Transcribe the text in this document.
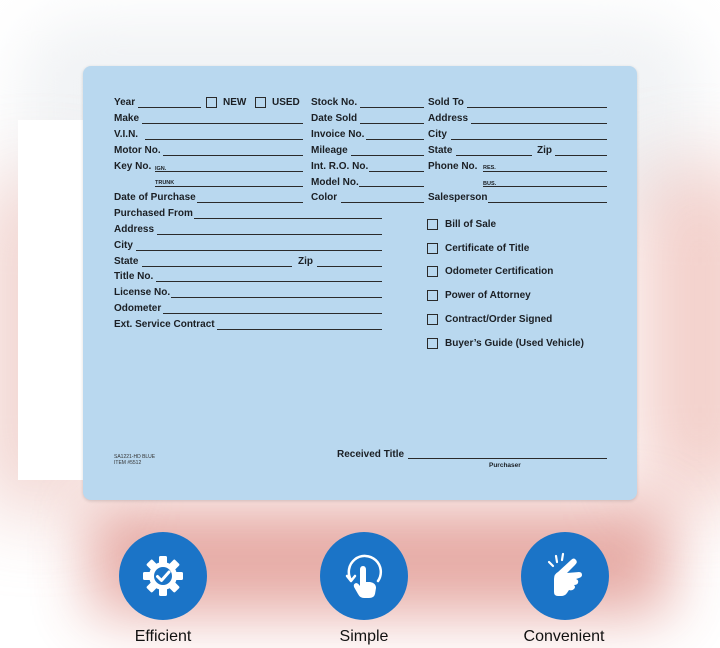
Year	NEW	USED Stock No.	Sold To
Make	Date Sold	Address
V.I.N.	Invoice No.	City
Motor No.	Mileage	State	Zip
Key No. IGN.	Int. R.O. No.	Phone No. RES.
TRUNK	Model No.	BUS.
Date of Purchase	Color	Salesperson
Purchased From
Address
City
State	Zip
Title No.
License No.
Odometer
Ext. Service Contract
Bill of Sale
Certificate of Title
Odometer Certification
Power of Attorney
Contract/Order Signed
Buyer’s Guide (Used Vehicle)
SA1221-HD BLUE
ITEM #5512
Received Title
Purchaser
Efficient	Simple	Convenient
